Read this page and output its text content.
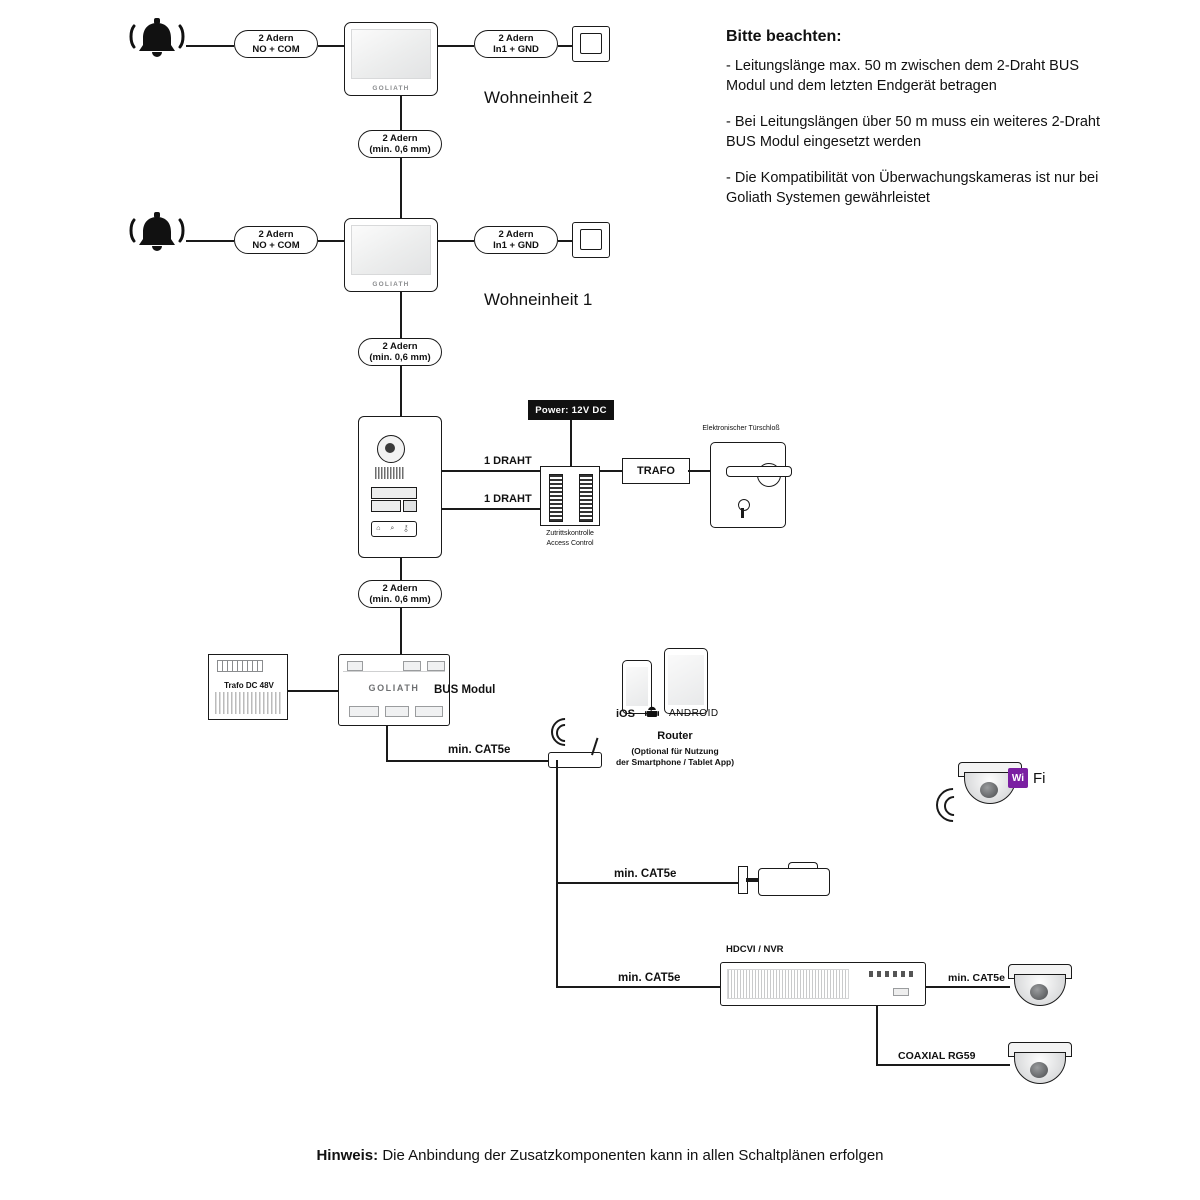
2 Adern
NO + COM
GOLIATH
2 Adern
In1 + GND
Wohneinheit 2
2 Adern
(min. 0,6 mm)
2 Adern
NO + COM
GOLIATH
2 Adern
In1 + GND
Wohneinheit 1
2 Adern
(min. 0,6 mm)
⌂ ⌕ ⚷
1 DRAHT
1 DRAHT
Power: 12V DC
Zutrittskontrolle
Access Control
TRAFO
Elektronischer Türschloß
2 Adern
(min. 0,6 mm)
Trafo DC 48V	GOLIATH	BUS Modul
iOS	ANDROID
Router
(Optional für Nutzung
der Smartphone / Tablet App)
min. CAT5e
Wi Fi
min. CAT5e
min. CAT5e
HDCVI / NVR
min. CAT5e
COAXIAL RG59
Bitte beachten:

- Leitungslänge max. 50 m zwischen dem 2-Draht BUS Modul und dem letzten Endgerät betragen

- Bei Leitungslängen über 50 m muss ein weiteres 2-Draht BUS Modul eingesetzt werden

- Die Kompatibilität von Überwachungskameras ist nur bei Goliath Systemen gewährleistet

Hinweis: Die Anbindung der Zusatzkomponenten kann in allen Schaltplänen erfolgen
